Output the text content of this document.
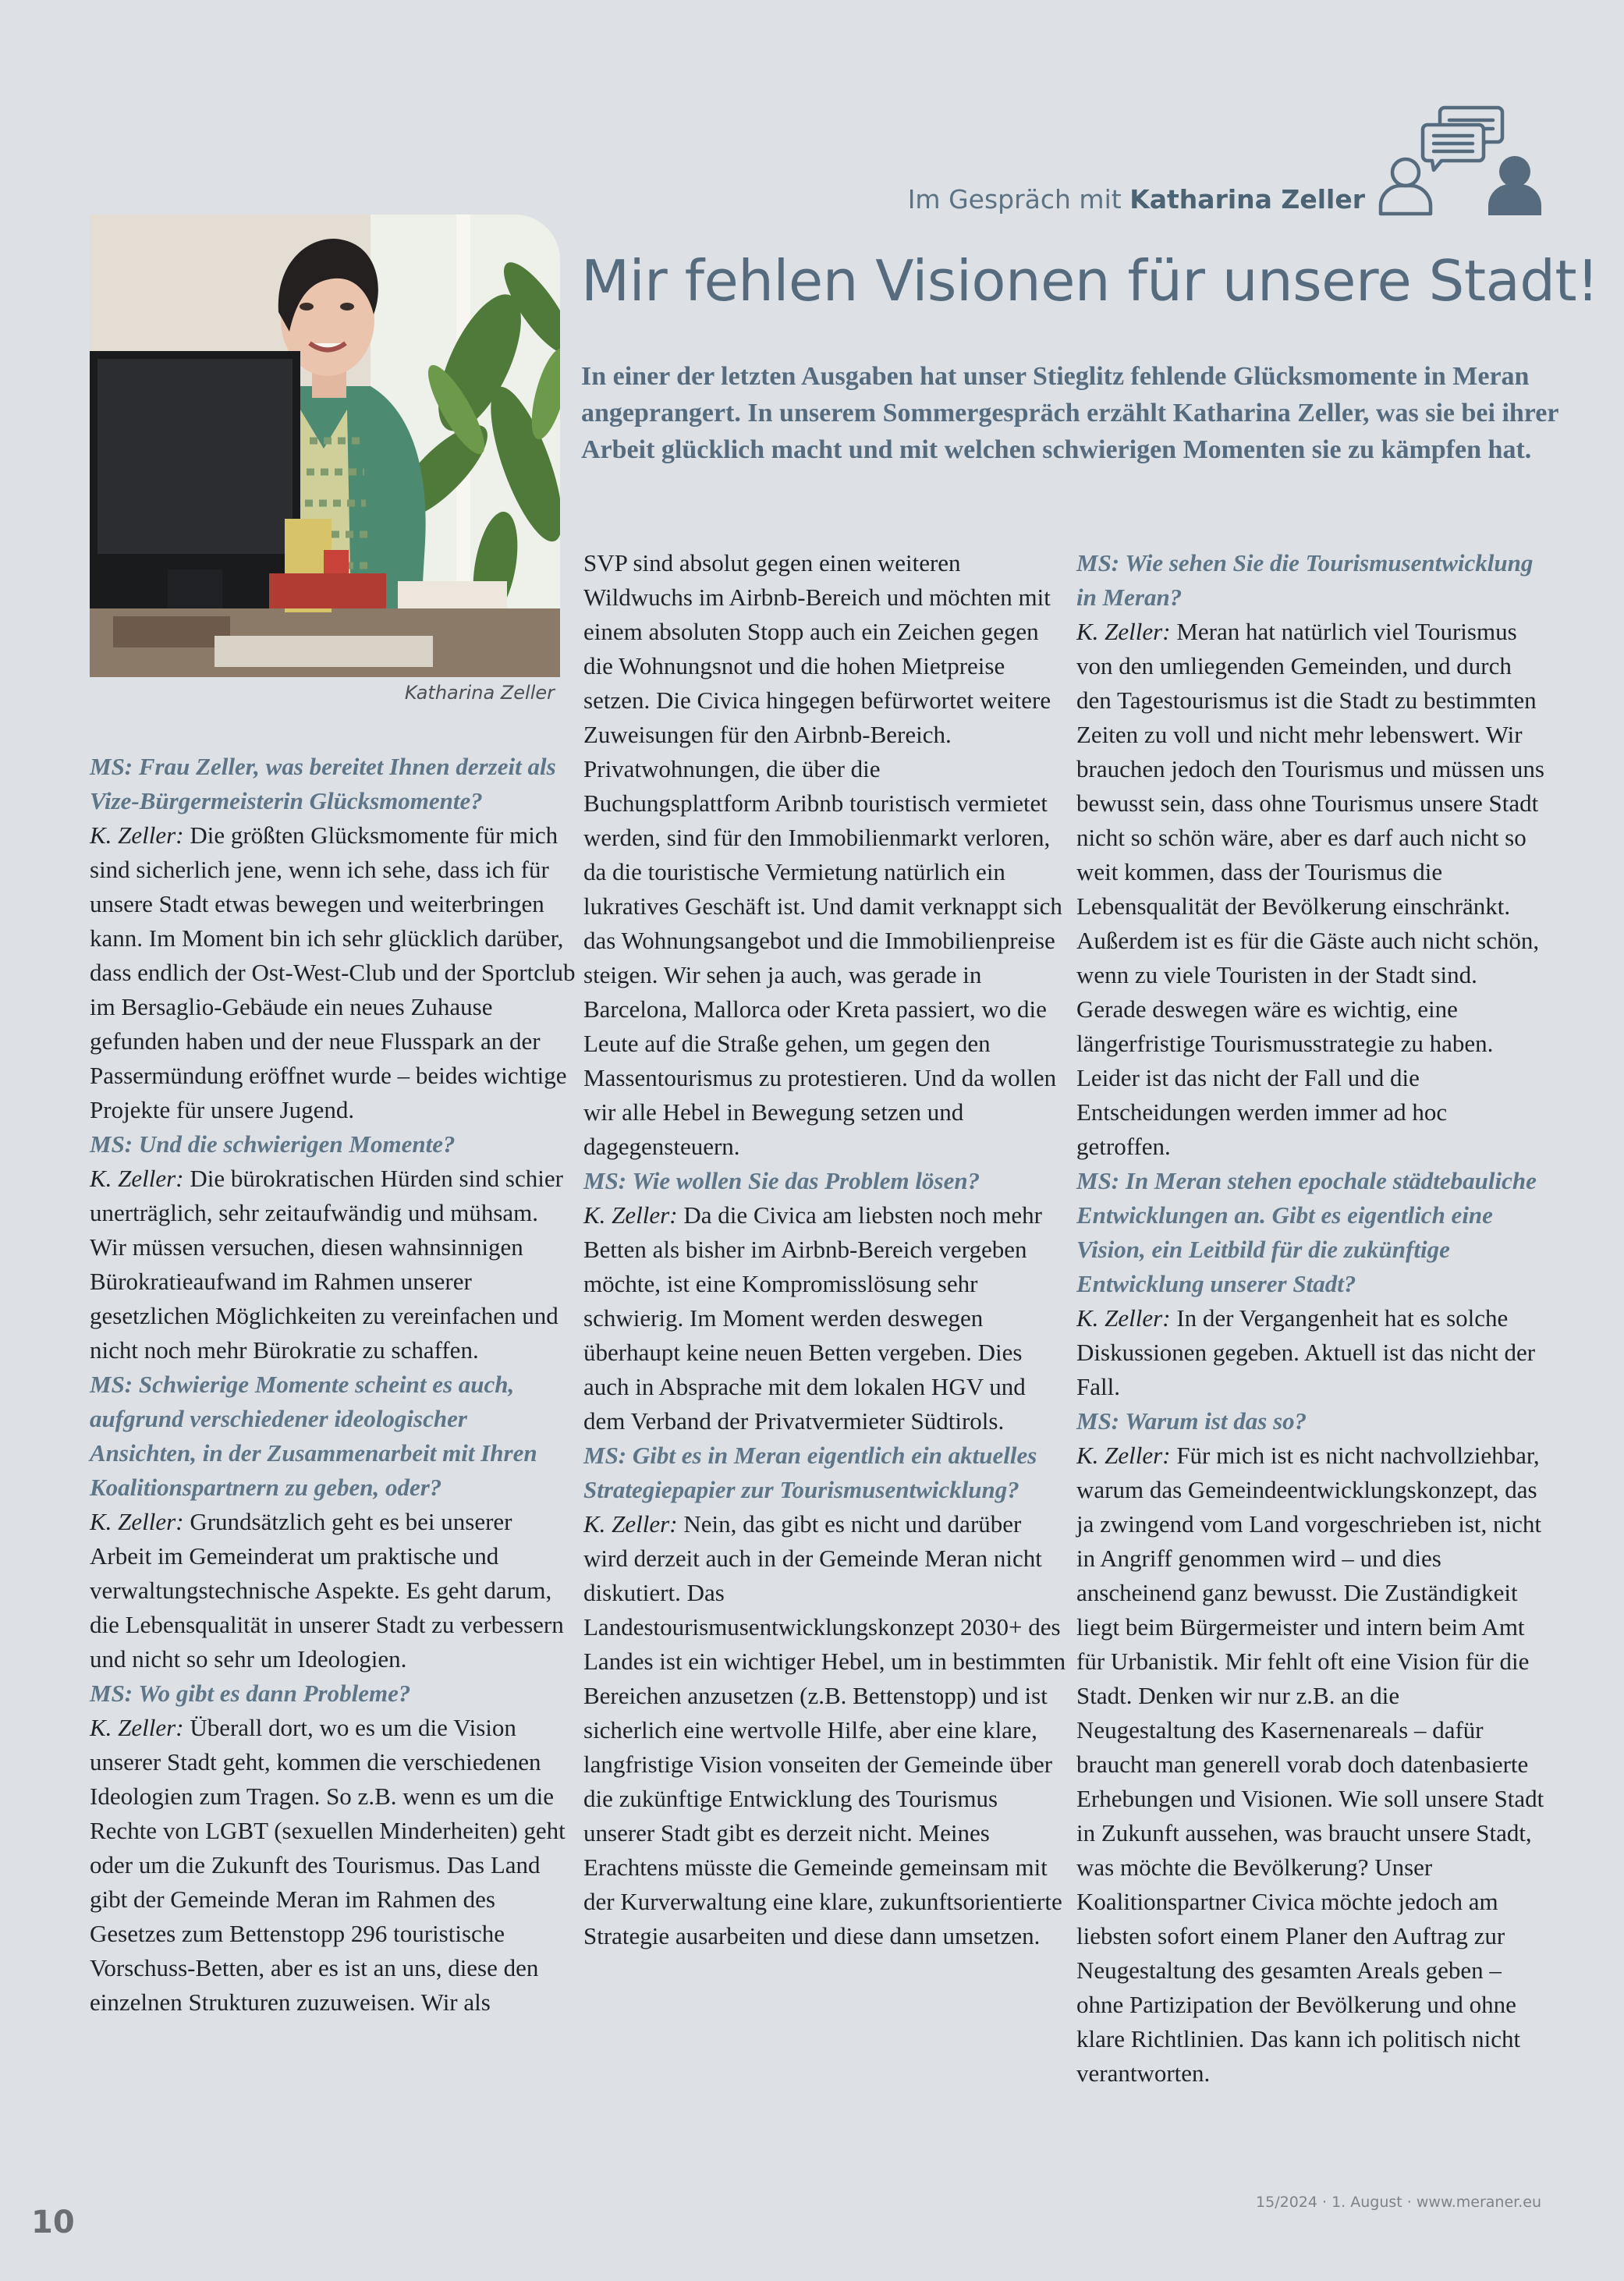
Im Gespräch mit Katharina Zeller
Katharina Zeller
Mir fehlen Visionen für unsere Stadt!

In einer der letzten Ausgaben hat unser Stieglitz fehlende Glücksmomente in Meran angeprangert. In unserem Sommergespräch erzählt Katharina Zeller, was sie bei ihrer Arbeit glücklich macht und mit welchen schwierigen Momenten sie zu kämpfen hat.

MS: Frau Zeller, was bereitet Ihnen derzeit als Vize-Bürgermeisterin Glücksmomente?

K. Zeller: Die größten Glücksmomente für mich sind sicherlich jene, wenn ich sehe, dass ich für unsere Stadt etwas bewegen und weiterbringen kann. Im Moment bin ich sehr glücklich darüber, dass endlich der Ost-West-Club und der Sportclub im Bersaglio-Gebäude ein neues Zuhause gefunden haben und der neue Flusspark an der Passermündung eröffnet wurde – beides wichtige Projekte für unsere Jugend.

MS: Und die schwierigen Momente?

K. Zeller: Die bürokratischen Hürden sind schier unerträglich, sehr zeitaufwändig und mühsam. Wir müssen versuchen, diesen wahnsinnigen Bürokratieaufwand im Rahmen unserer gesetzlichen Möglichkeiten zu vereinfachen und nicht noch mehr Bürokratie zu schaffen.

MS: Schwierige Momente scheint es auch, aufgrund verschiedener ideologischer Ansichten, in der Zusammenarbeit mit Ihren Koalitionspartnern zu geben, oder?

K. Zeller: Grundsätzlich geht es bei unserer Arbeit im Gemeinderat um praktische und verwaltungstechnische Aspekte. Es geht darum, die Lebensqualität in unserer Stadt zu verbessern und nicht so sehr um Ideologien.

MS: Wo gibt es dann Probleme?

K. Zeller: Überall dort, wo es um die Vision unserer Stadt geht, kommen die verschiedenen Ideologien zum Tragen. So z.B. wenn es um die Rechte von LGBT (sexuellen Minderheiten) geht oder um die Zukunft des Tourismus. Das Land gibt der Gemeinde Meran im Rahmen des Gesetzes zum Bettenstopp 296 touristische Vorschuss-Betten, aber es ist an uns, diese den einzelnen Strukturen zuzuweisen. Wir als

SVP sind absolut gegen einen weiteren Wildwuchs im Airbnb-Bereich und möchten mit einem absoluten Stopp auch ein Zeichen gegen die Wohnungsnot und die hohen Mietpreise setzen. Die Civica hingegen befürwortet weitere Zuweisungen für den Airbnb-Bereich. Privatwohnungen, die über die Buchungsplattform Aribnb touristisch vermietet werden, sind für den Immobilienmarkt verloren, da die touristische Vermietung natürlich ein lukratives Geschäft ist. Und damit verknappt sich das Wohnungsangebot und die Immobilienpreise steigen. Wir sehen ja auch, was gerade in Barcelona, Mallorca oder Kreta passiert, wo die Leute auf die Straße gehen, um gegen den Massentourismus zu protestieren. Und da wollen wir alle Hebel in Bewegung setzen und dagegensteuern.

MS: Wie wollen Sie das Problem lösen?

K. Zeller: Da die Civica am liebsten noch mehr Betten als bisher im Airbnb-Bereich vergeben möchte, ist eine Kompromisslösung sehr schwierig. Im Moment werden deswegen überhaupt keine neuen Betten vergeben. Dies auch in Absprache mit dem lokalen HGV und dem Verband der Privatvermieter Südtirols.

MS: Gibt es in Meran eigentlich ein aktuelles Strategiepapier zur Tourismusentwicklung?

K. Zeller: Nein, das gibt es nicht und darüber wird derzeit auch in der Gemeinde Meran nicht diskutiert. Das Landestourismusentwicklungskonzept 2030+ des Landes ist ein wichtiger Hebel, um in bestimmten Bereichen anzusetzen (z.B. Bettenstopp) und ist sicherlich eine wertvolle Hilfe, aber eine klare, langfristige Vision vonseiten der Gemeinde über die zukünftige Entwicklung des Tourismus unserer Stadt gibt es derzeit nicht. Meines Erachtens müsste die Gemeinde gemeinsam mit der Kurverwaltung eine klare, zukunftsorientierte Strategie ausarbeiten und diese dann umsetzen.

MS: Wie sehen Sie die Tourismusentwicklung in Meran?

K. Zeller: Meran hat natürlich viel Tourismus von den umliegenden Gemeinden, und durch den Tagestourismus ist die Stadt zu bestimmten Zeiten zu voll und nicht mehr lebenswert. Wir brauchen jedoch den Tourismus und müssen uns bewusst sein, dass ohne Tourismus unsere Stadt nicht so schön wäre, aber es darf auch nicht so weit kommen, dass der Tourismus die Lebensqualität der Bevölkerung einschränkt. Außerdem ist es für die Gäste auch nicht schön, wenn zu viele Touristen in der Stadt sind. Gerade deswegen wäre es wichtig, eine längerfristige Tourismusstrategie zu haben. Leider ist das nicht der Fall und die Entscheidungen werden immer ad hoc getroffen.

MS: In Meran stehen epochale städtebauliche Entwicklungen an. Gibt es eigentlich eine Vision, ein Leitbild für die zukünftige Entwicklung unserer Stadt?

K. Zeller: In der Vergangenheit hat es solche Diskussionen gegeben. Aktuell ist das nicht der Fall.

MS: Warum ist das so?

K. Zeller: Für mich ist es nicht nachvollziehbar, warum das Gemeindeentwicklungskonzept, das ja zwingend vom Land vorgeschrieben ist, nicht in Angriff genommen wird – und dies anscheinend ganz bewusst. Die Zuständigkeit liegt beim Bürgermeister und intern beim Amt für Urbanistik. Mir fehlt oft eine Vision für die Stadt. Denken wir nur z.B. an die Neugestaltung des Kasernenareals – dafür braucht man generell vorab doch datenbasierte Erhebungen und Visionen. Wie soll unsere Stadt in Zukunft aussehen, was braucht unsere Stadt, was möchte die Bevölkerung? Unser Koalitionspartner Civica möchte jedoch am liebsten sofort einem Planer den Auftrag zur Neugestaltung des gesamten Areals geben – ohne Partizipation der Bevölkerung und ohne klare Richtlinien. Das kann ich politisch nicht verantworten.

10
15/2024 · 1. August · www.meraner.eu
